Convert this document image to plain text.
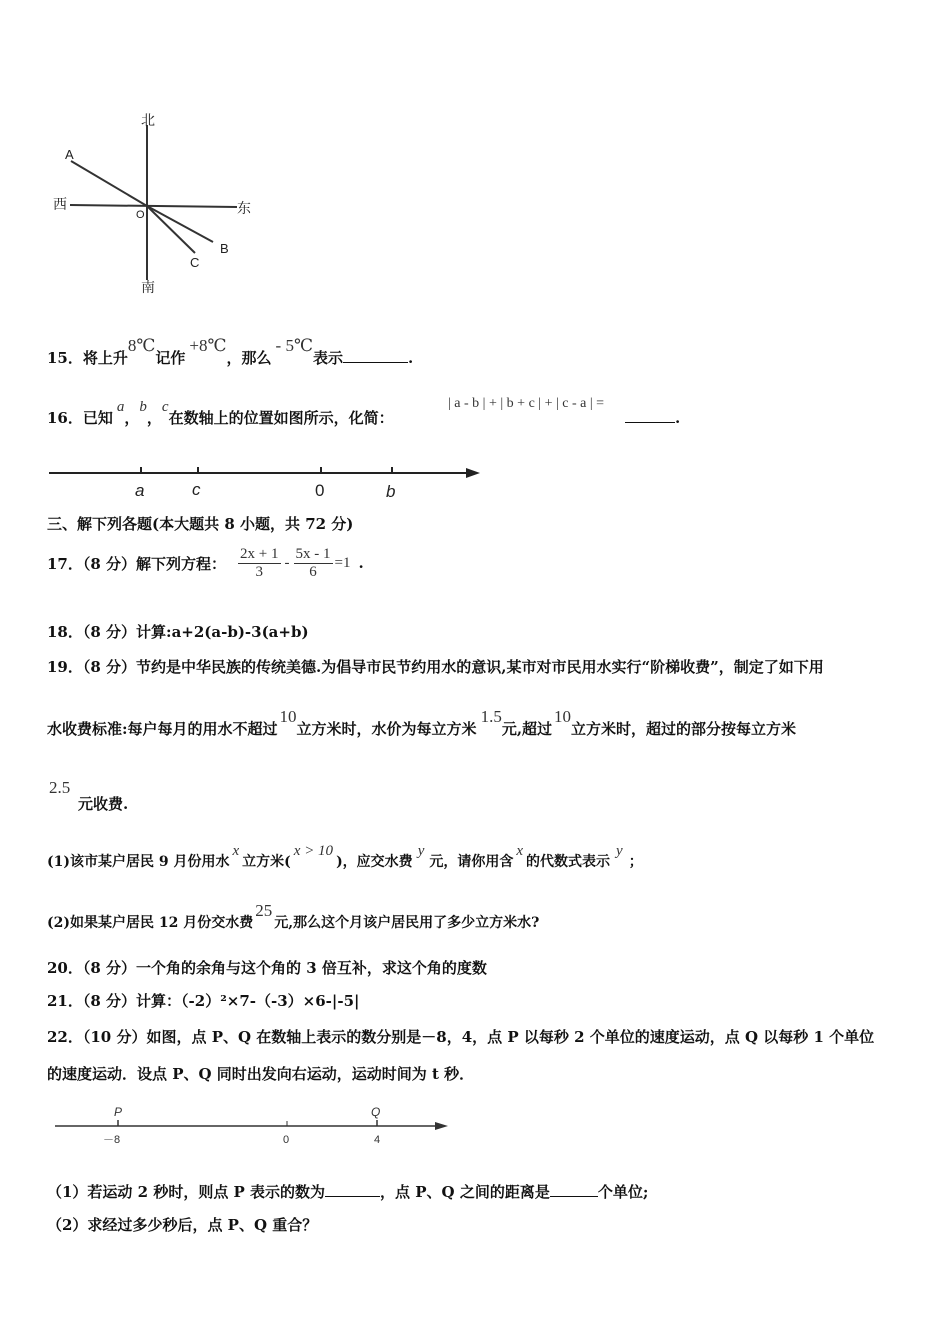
北
南
西	东
O
A
B
C
15．将上升8℃记作+8℃，那么- 5℃表示	.
16．已知a，b，c在数轴上的位置如图所示，化简：
| a - b | + | b + c | + | c - a | =
.
a	c	0	b
三、解下列各题(本大题共 8 小题，共 72 分)
17．（8 分）解下列方程： $\frac{2x + 1}{3} - \frac{5x - 1}{6} =1$ .
18．（8 分）计算:a+2(a-b)-3(a+b)
19．（8 分）节约是中华民族的传统美德.为倡导市民节约用水的意识,某市对市民用水实行“阶梯收费”，制定了如下用
水收费标准:每户每月的用水不超过10立方米时，水价为每立方米1.5元,超过10立方米时，超过的部分按每立方米
2.5
元收费.
(1)该市某户居民 9 月份用水x立方米(x > 10)，应交水费y元，请你用含x的代数式表示y；
(2)如果某户居民 12 月份交水费25元,那么这个月该户居民用了多少立方米水?
20．（8 分）一个角的余角与这个角的 3 倍互补，求这个角的度数
21．（8 分）计算：（-2）²×7-（-3）×6-|-5|
22．（10 分）如图，点 P、Q 在数轴上表示的数分别是－8，4，点 P 以每秒 2 个单位的速度运动，点 Q 以每秒 1 个单位
的速度运动．设点 P、Q 同时出发向右运动，运动时间为 t 秒．
P	Q
－8	0	4
（1）若运动 2 秒时，则点 P 表示的数为	，点 P、Q 之间的距离是	个单位;
（2）求经过多少秒后，点 P、Q 重合？
